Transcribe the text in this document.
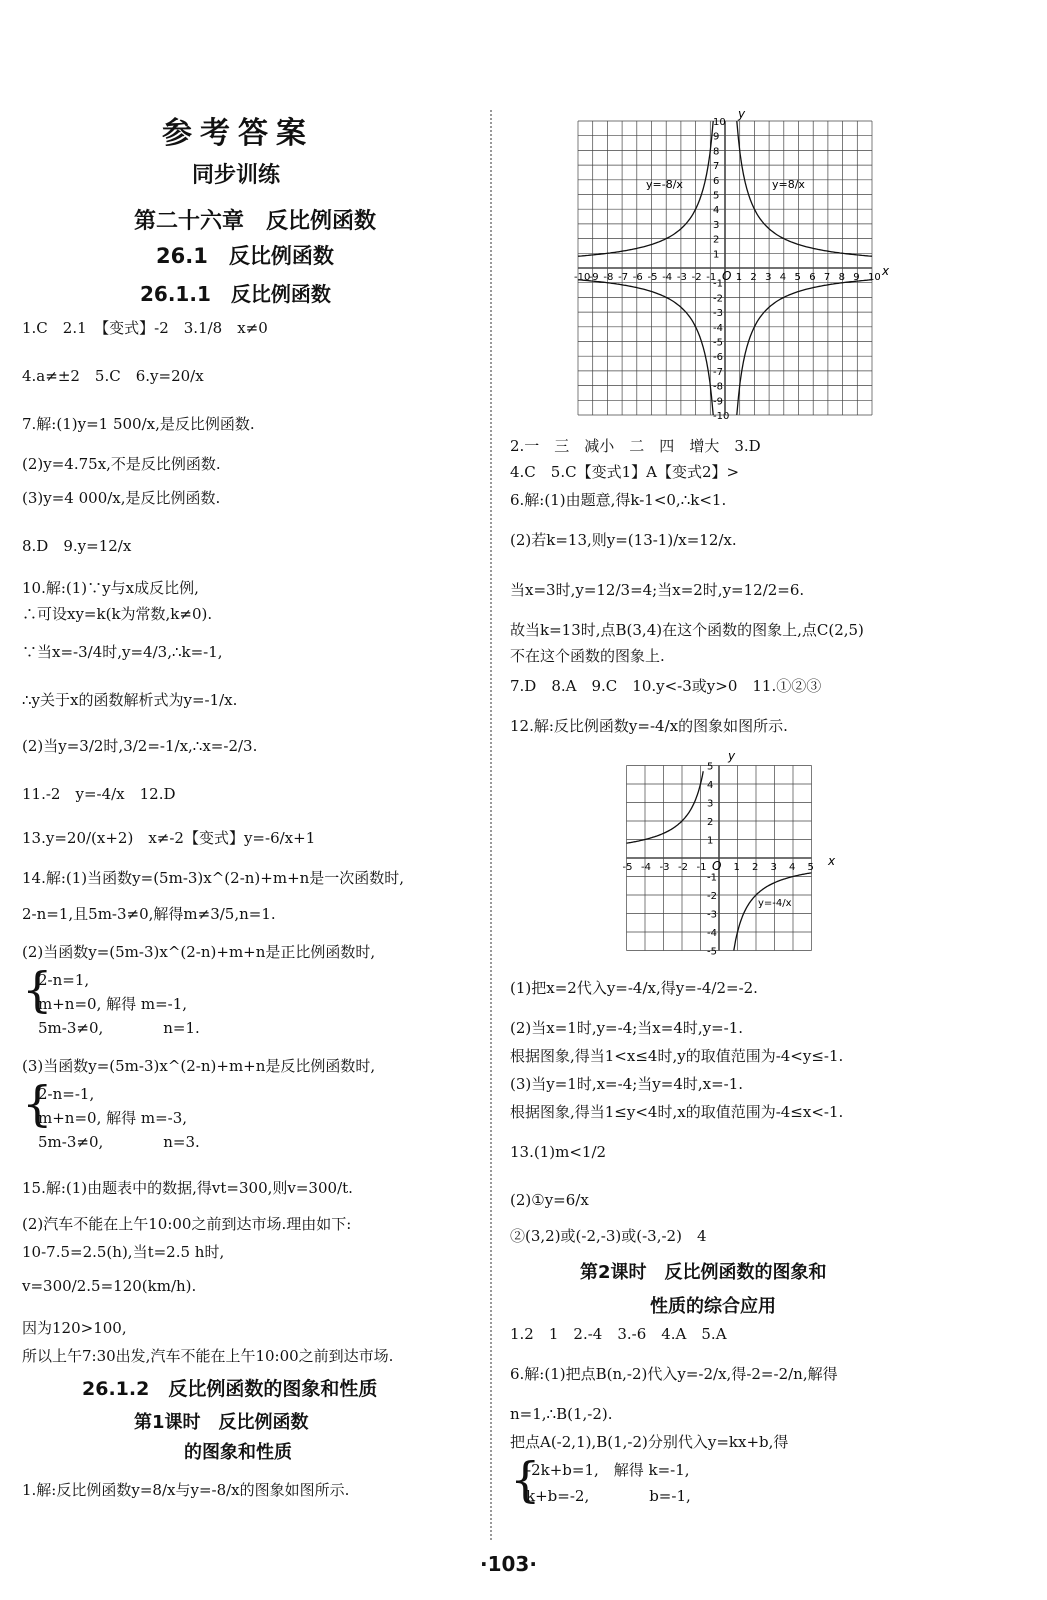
参考答案
同步训练
第二十六章　反比例函数
26.1　反比例函数
26.1.1　反比例函数
1.C　2.1　【变式】-2　3.1/8　x≠0
4.a≠±2　5.C　6.y=20/x
7.解:(1)y=1 500/x,是反比例函数.
(2)y=4.75x,不是反比例函数.
(3)y=4 000/x,是反比例函数.
8.D　9.y=12/x
10.解:(1)∵y与x成反比例,
∴可设xy=k(k为常数,k≠0).
∵当x=-3/4时,y=4/3,∴k=-1,
∴y关于x的函数解析式为y=-1/x.
(2)当y=3/2时,3/2=-1/x,∴x=-2/3.
11.-2　y=-4/x　12.D
13.y=20/(x+2)　x≠-2【变式】y=-6/x+1
14.解:(1)当函数y=(5m-3)x^(2-n)+m+n是一次函数时,
2-n=1,且5m-3≠0,解得m≠3/5,n=1.
(2)当函数y=(5m-3)x^(2-n)+m+n是正比例函数时,
{
2-n=1,
m+n=0, 解得 m=-1,
5m-3≠0,　　　　n=1.
(3)当函数y=(5m-3)x^(2-n)+m+n是反比例函数时,
{
2-n=-1,
m+n=0, 解得 m=-3,
5m-3≠0,　　　　n=3.
15.解:(1)由题表中的数据,得vt=300,则v=300/t.
(2)汽车不能在上午10:00之前到达市场.理由如下:
10-7.5=2.5(h),当t=2.5 h时,
v=300/2.5=120(km/h).
因为120>100,
所以上午7:30出发,汽车不能在上午10:00之前到达市场.
26.1.2　反比例函数的图象和性质
第1课时　反比例函数
的图象和性质
1.解:反比例函数y=8/x与y=-8/x的图象如图所示.
-10
-10
-9
-9
-8
-8
-7
-7
-6
-6
-5
-5
-4
-4
-3
-3
-2
-2
-1
-1
1
1
2
2
3
3
4
4
5
5
6
6
7
7
8
8
9
9
10
10
y
x
O
y=-8/x	y=8/x
2.一　三　减小　二　四　增大　3.D
4.C　5.C【变式1】A【变式2】>
6.解:(1)由题意,得k-1<0,∴k<1.
(2)若k=13,则y=(13-1)/x=12/x.
当x=3时,y=12/3=4;当x=2时,y=12/2=6.
故当k=13时,点B(3,4)在这个函数的图象上,点C(2,5)
不在这个函数的图象上.
7.D　8.A　9.C　10.y<-3或y>0　11.①②③
12.解:反比例函数y=-4/x的图象如图所示.
-5
-5
-4
-4
-3
-3
-2
-2
-1
-1
1
1
2
2
3
3
4
4
5
5
y
x
O
y=-4/x
(1)把x=2代入y=-4/x,得y=-4/2=-2.
(2)当x=1时,y=-4;当x=4时,y=-1.
根据图象,得当1<x≤4时,y的取值范围为-4<y≤-1.
(3)当y=1时,x=-4;当y=4时,x=-1.
根据图象,得当1≤y<4时,x的取值范围为-4≤x<-1.
13.(1)m<1/2
(2)①y=6/x
②(3,2)或(-2,-3)或(-3,-2)　4
第2课时　反比例函数的图象和
性质的综合应用
1.2　1　2.-4　3.-6　4.A　5.A
6.解:(1)把点B(n,-2)代入y=-2/x,得-2=-2/n,解得
n=1,∴B(1,-2).
把点A(-2,1),B(1,-2)分别代入y=kx+b,得
{
-2k+b=1,　解得 k=-1,
k+b=-2,　　　　b=-1,
·103·
